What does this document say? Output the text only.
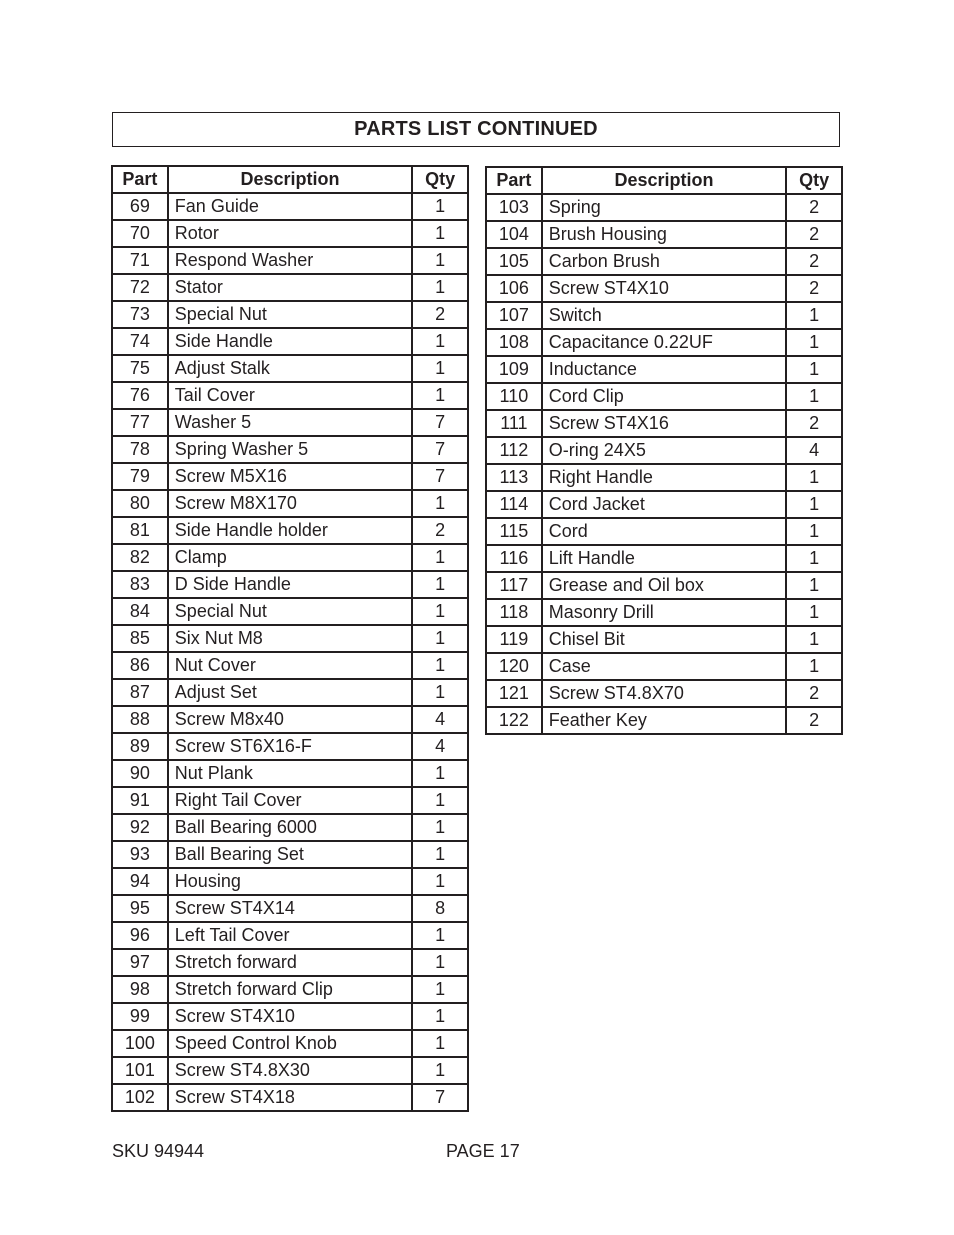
PARTS LIST CONTINUED
Part	Description	Qty
69	Fan Guide	1
70	Rotor	1
71	Respond Washer	1
72	Stator	1
73	Special Nut	2
74	Side Handle	1
75	Adjust Stalk	1
76	Tail Cover	1
77	Washer 5	7
78	Spring Washer 5	7
79	Screw M5X16	7
80	Screw M8X170	1
81	Side Handle holder	2
82	Clamp	1
83	D Side Handle	1
84	Special Nut	1
85	Six Nut M8	1
86	Nut Cover	1
87	Adjust Set	1
88	Screw M8x40	4
89	Screw ST6X16-F	4
90	Nut Plank	1
91	Right Tail Cover	1
92	Ball Bearing 6000	1
93	Ball Bearing Set	1
94	Housing	1
95	Screw ST4X14	8
96	Left Tail Cover	1
97	Stretch forward	1
98	Stretch forward Clip	1
99	Screw ST4X10	1
100	Speed Control Knob	1
101	Screw ST4.8X30	1
102	Screw ST4X18	7
Part	Description	Qty
103	Spring	2
104	Brush Housing	2
105	Carbon Brush	2
106	Screw ST4X10	2
107	Switch	1
108	Capacitance 0.22UF	1
109	Inductance	1
110	Cord Clip	1
111	Screw ST4X16	2
112	O-ring 24X5	4
113	Right Handle	1
114	Cord Jacket	1
115	Cord	1
116	Lift Handle	1
117	Grease and Oil box	1
118	Masonry Drill	1
119	Chisel Bit	1
120	Case	1
121	Screw ST4.8X70	2
122	Feather Key	2
SKU 94944	PAGE 17
